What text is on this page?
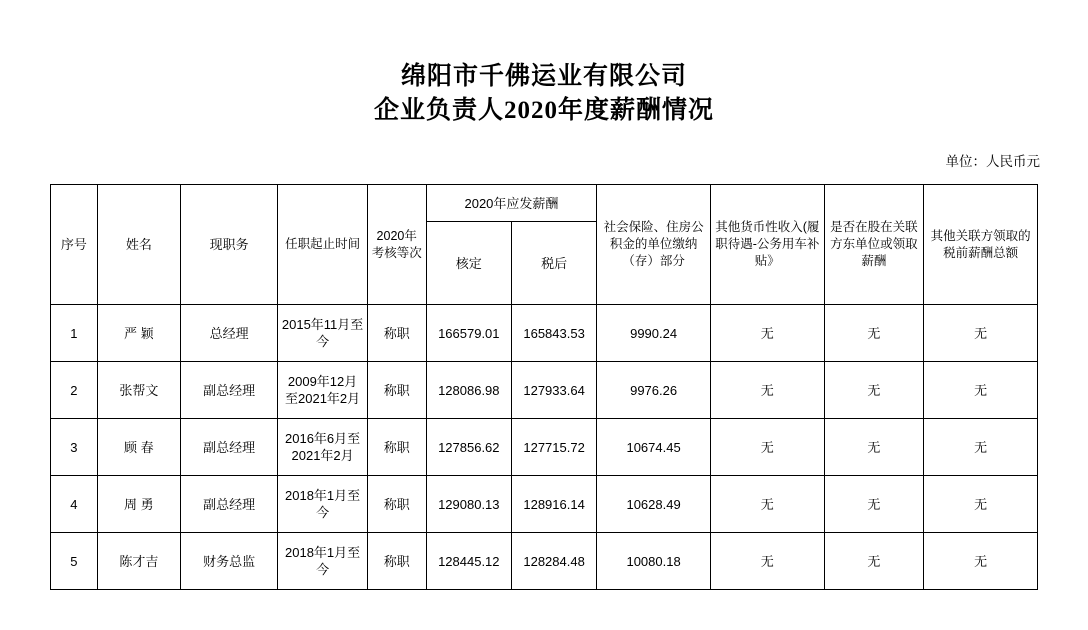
绵阳市千佛运业有限公司
企业负责人2020年度薪酬情况
单位：人民币元
序号	姓名	现职务	任职起止时间	2020年考核等次	2020年应发薪酬		社会保险、住房公积金的单位缴纳（存）部分	其他货币性收入(履职待遇-公务用车补贴》	是否在股在关联方东单位或领取薪酬	其他关联方领取的税前薪酬总额
					核定	税后				

1	严 颖	总经理	2015年11月至今	称职	166579.01	165843.53	9990.24	无	无	无
2	张帮文	副总经理	2009年12月至2021年2月	称职	128086.98	127933.64	9976.26	无	无	无
3	顾 春	副总经理	2016年6月至2021年2月	称职	127856.62	127715.72	10674.45	无	无	无
4	周 勇	副总经理	2018年1月至今	称职	129080.13	128916.14	10628.49	无	无	无
5	陈才吉	财务总监	2018年1月至今	称职	128445.12	128284.48	10080.18	无	无	无
